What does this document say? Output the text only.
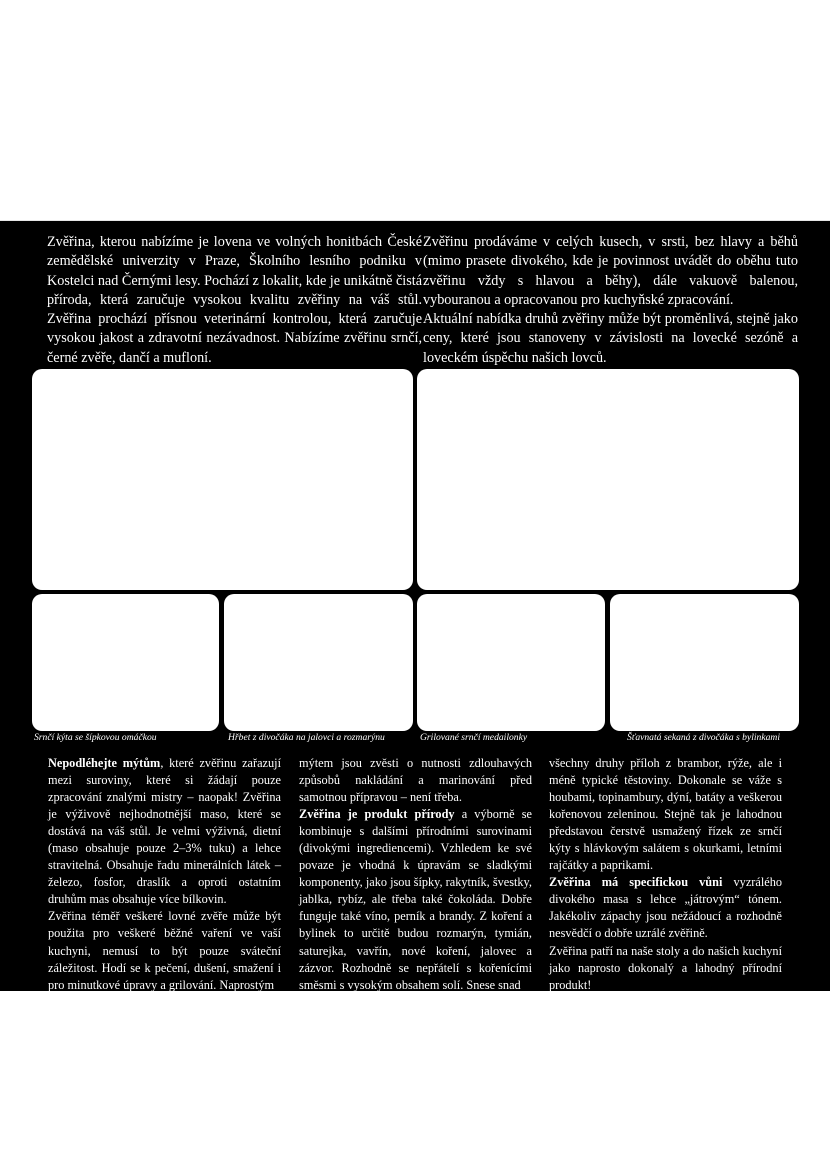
Zvěřina, kterou nabízíme je lovena ve volných honitbách České zemědělské univerzity v Praze, Školního lesního podniku v Kostelci nad Černými lesy. Pochází z lokalit, kde je unikátně čistá příroda, která zaručuje vysokou kvalitu zvěřiny na váš stůl. Zvěřina prochází přísnou veterinární kontrolou, která zaručuje vysokou jakost a zdravotní nezávadnost. Nabízíme zvěřinu srnčí, černé zvěře, dančí a mufloní.

Zvěřinu prodáváme v celých kusech, v srsti, bez hlavy a běhů (mimo prasete divokého, kde je povinnost uvádět do oběhu tuto zvěřinu vždy s hlavou a běhy), dále vakuově balenou, vybouranou a opracovanou pro kuchyňské zpracování.

Aktuální nabídka druhů zvěřiny může být proměnlivá, stejně jako ceny, které jsou stanoveny v závislosti na lovecké sezóně a loveckém úspěchu našich lovců.

Srnčí kýta se šípkovou omáčkou	Hřbet z divočáka na jalovci a rozmarýnu	Grilované srnčí medailonky	Šťavnatá sekaná z divočáka s bylinkami

Nepodléhejte mýtům, které zvěřinu zařazují mezi suroviny, které si žádají pouze zpracování znalými mistry – naopak! Zvěřina je výživově nejhodnotnější maso, které se dostává na váš stůl. Je velmi výživná, dietní (maso obsahuje pouze 2–3% tuku) a lehce stravitelná. Obsahuje řadu minerálních látek – železo, fosfor, draslík a oproti ostatním druhům mas obsahuje více bílkovin.

Zvěřina téměř veškeré lovné zvěře může být použita pro veškeré běžné vaření ve vaší kuchyni, nemusí to být pouze sváteční záležitost. Hodí se k pečení, dušení, smažení i pro minutkové úpravy a grilování. Naprostým

mýtem jsou zvěsti o nutnosti zdlouhavých způsobů nakládání a marinování před samotnou přípravou – není třeba.

Zvěřina je produkt přírody a výborně se kombinuje s dalšími přírodními surovinami (divokými ingrediencemi). Vzhledem ke své povaze je vhodná k úpravám se sladkými komponenty, jako jsou šípky, rakytník, švestky, jablka, rybíz, ale třeba také čokoláda. Dobře funguje také víno, perník a brandy. Z koření a bylinek to určitě budou rozmarýn, tymián, saturejka, vavřín, nové koření, jalovec a zázvor. Rozhodně se nepřátelí s kořenícími směsmi s vysokým obsahem solí. Snese snad

všechny druhy příloh z brambor, rýže, ale i méně typické těstoviny. Dokonale se váže s houbami, topinambury, dýní, batáty a veškerou kořenovou zeleninou. Stejně tak je lahodnou představou čerstvě usmažený řízek ze srnčí kýty s hlávkovým salátem s okurkami, letními rajčátky a paprikami.

Zvěřina má specifickou vůni vyzrálého divokého masa s lehce „játrovým“ tónem. Jakékoliv zápachy jsou nežádoucí a rozhodně nesvědčí o dobře uzrálé zvěřině.

Zvěřina patří na naše stoly a do našich kuchyní jako naprosto dokonalý a lahodný přírodní produkt!

Dobrou chuť!
